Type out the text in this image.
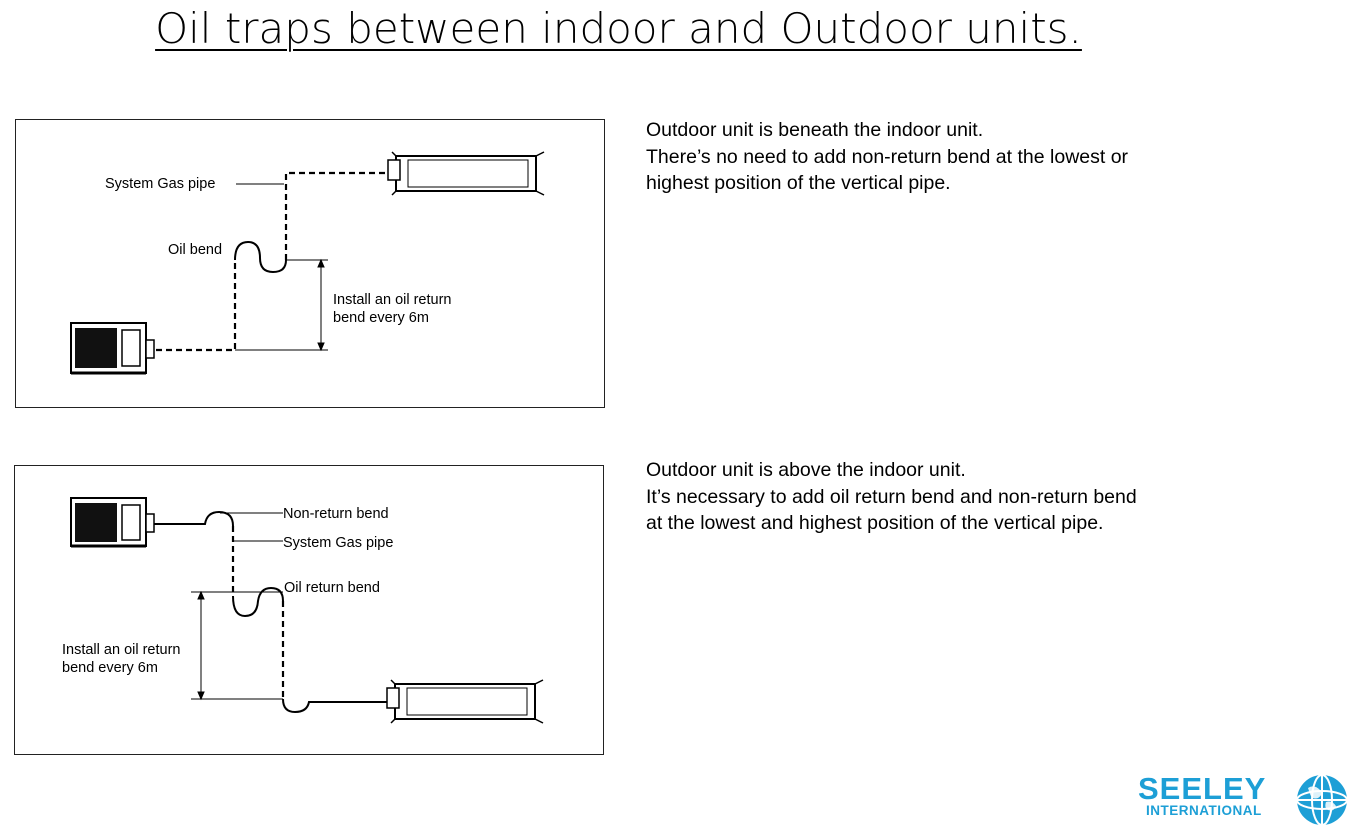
Oil traps between indoor and Outdoor units.
System Gas pipe
Oil bend
Install an oil return
bend every 6m
Non-return bend
System Gas pipe
Oil return bend
Install an oil return
bend every 6m
Outdoor unit is beneath the indoor unit.
There’s no need to add non-return bend at the lowest or
highest position of the vertical pipe.
Outdoor unit is above the indoor unit.
It’s necessary to add oil return bend and non-return bend
at the lowest and highest position of the vertical pipe.
SEELEY
INTERNATIONAL
